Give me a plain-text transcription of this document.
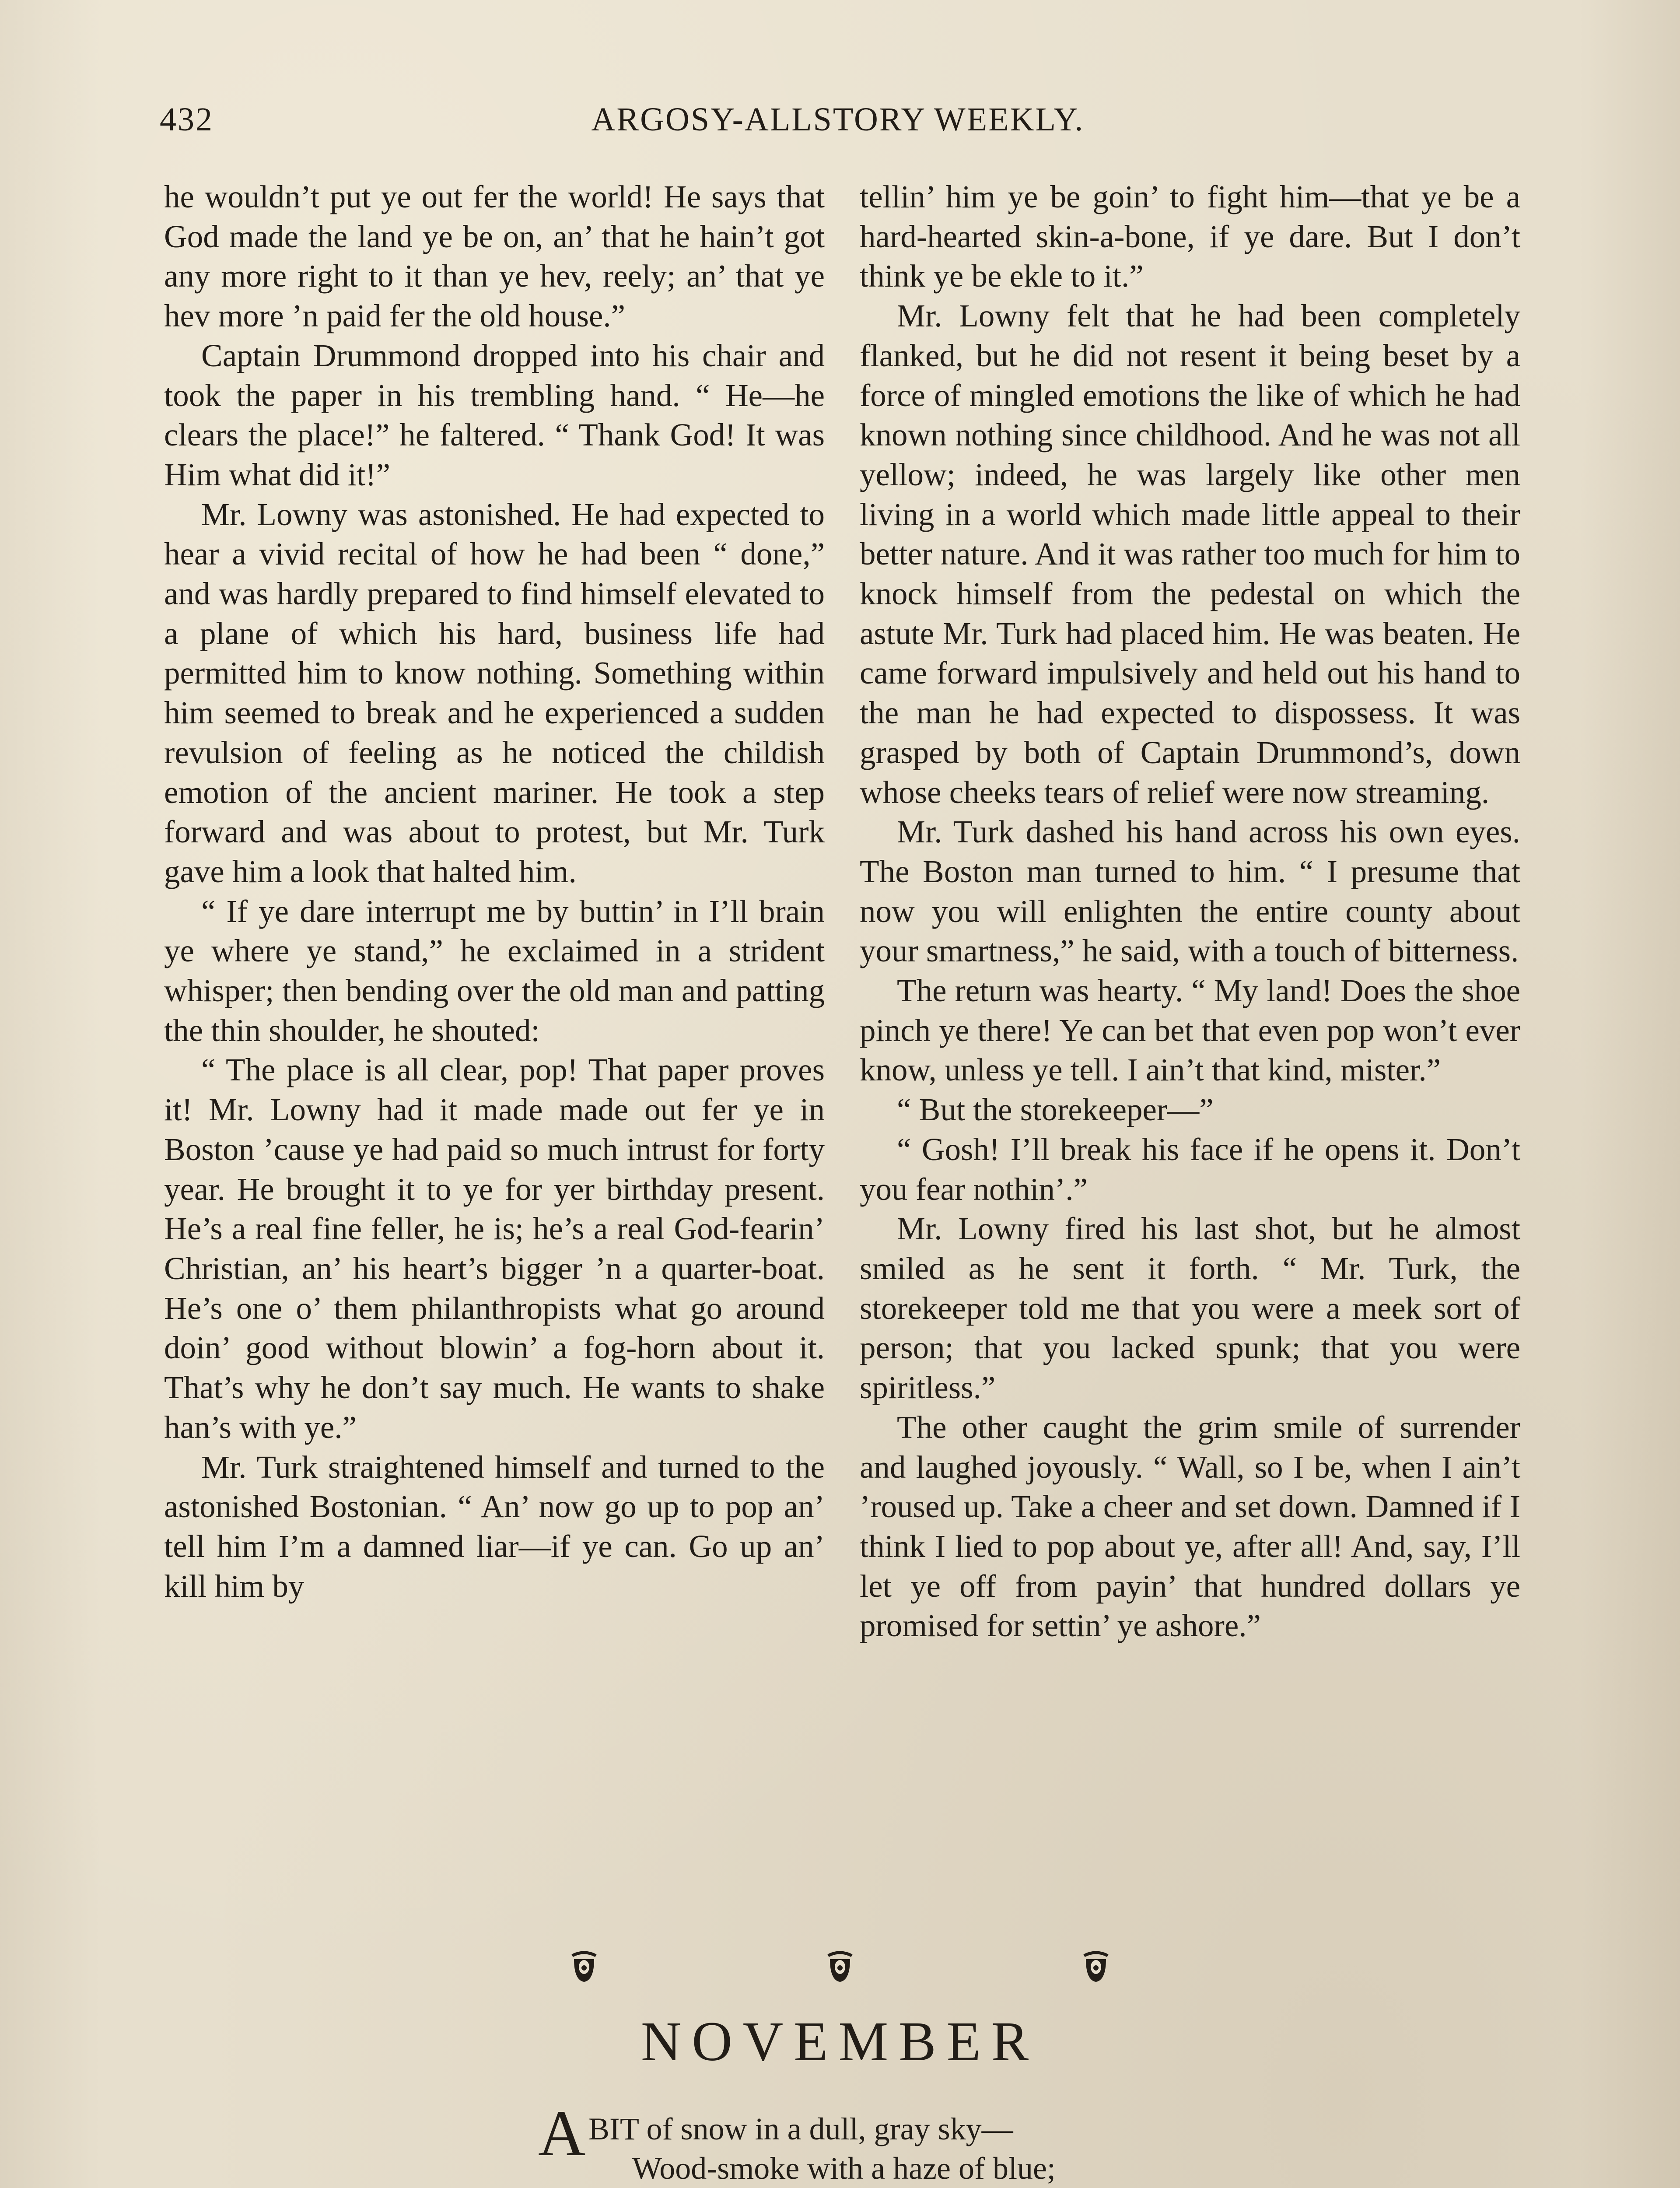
432	ARGOSY-ALLSTORY WEEKLY.

he wouldn’t put ye out fer the world! He says that God made the land ye be on, an’ that he hain’t got any more right to it than ye hev, reely; an’ that ye hev more ’n paid fer the old house.”

Captain Drummond dropped into his chair and took the paper in his trembling hand. “ He—he clears the place!” he faltered. “ Thank God! It was Him what did it!”

Mr. Lowny was astonished. He had expected to hear a vivid recital of how he had been “ done,” and was hardly prepared to find himself elevated to a plane of which his hard, business life had permitted him to know nothing. Something within him seemed to break and he experienced a sudden revulsion of feeling as he noticed the childish emotion of the ancient mariner. He took a step forward and was about to protest, but Mr. Turk gave him a look that halted him.

“ If ye dare interrupt me by buttin’ in I’ll brain ye where ye stand,” he exclaimed in a strident whisper; then bending over the old man and patting the thin shoulder, he shouted:

“ The place is all clear, pop! That paper proves it! Mr. Lowny had it made made out fer ye in Boston ’cause ye had paid so much intrust for forty year. He brought it to ye for yer birthday present. He’s a real fine feller, he is; he’s a real God-fearin’ Christian, an’ his heart’s bigger ’n a quarter-boat. He’s one o’ them philanthropists what go around doin’ good without blowin’ a fog-horn about it. That’s why he don’t say much. He wants to shake han’s with ye.”

Mr. Turk straightened himself and turned to the astonished Bostonian. “ An’ now go up to pop an’ tell him I’m a damned liar—if ye can. Go up an’ kill him by

tellin’ him ye be goin’ to fight him—that ye be a hard-hearted skin-a-bone, if ye dare. But I don’t think ye be ekle to it.”

Mr. Lowny felt that he had been completely flanked, but he did not resent it being beset by a force of mingled emotions the like of which he had known nothing since childhood. And he was not all yellow; indeed, he was largely like other men living in a world which made little appeal to their better nature. And it was rather too much for him to knock himself from the pedestal on which the astute Mr. Turk had placed him. He was beaten. He came forward impulsively and held out his hand to the man he had expected to dispossess. It was grasped by both of Captain Drummond’s, down whose cheeks tears of relief were now streaming.

Mr. Turk dashed his hand across his own eyes. The Boston man turned to him. “ I presume that now you will enlighten the entire county about your smartness,” he said, with a touch of bitterness.

The return was hearty. “ My land! Does the shoe pinch ye there! Ye can bet that even pop won’t ever know, unless ye tell. I ain’t that kind, mister.”

“ But the storekeeper—”

“ Gosh! I’ll break his face if he opens it. Don’t you fear nothin’.”

Mr. Lowny fired his last shot, but he almost smiled as he sent it forth. “ Mr. Turk, the storekeeper told me that you were a meek sort of person; that you lacked spunk; that you were spiritless.”

The other caught the grim smile of surrender and laughed joyously. “ Wall, so I be, when I ain’t ’roused up. Take a cheer and set down. Damned if I think I lied to pop about ye, after all! And, say, I’ll let ye off from payin’ that hundred dollars ye promised for settin’ ye ashore.”

NOVEMBER
A BIT of snow in a dull, gray sky—
Wood-smoke with a haze of blue;
